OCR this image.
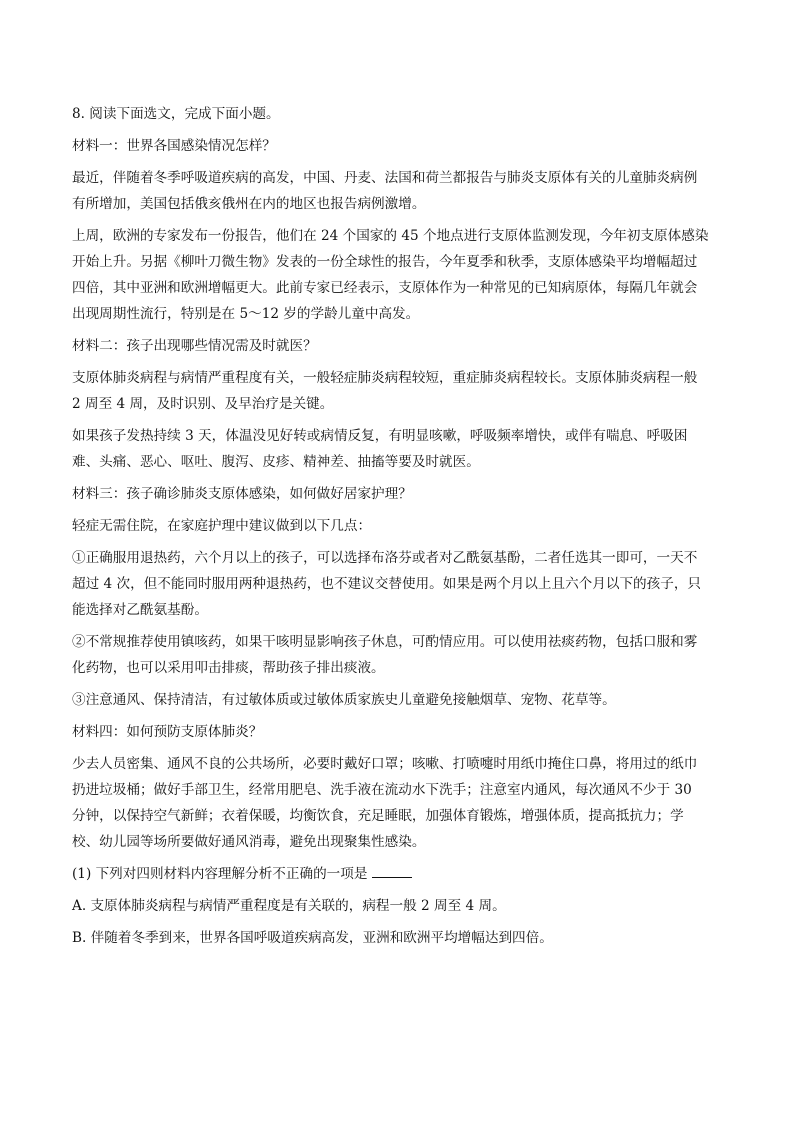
8. 阅读下面选文，完成下面小题。
材料一：世界各国感染情况怎样？
最近，伴随着冬季呼吸道疾病的高发，中国、丹麦、法国和荷兰都报告与肺炎支原体有关的儿童肺炎病例
有所增加，美国包括俄亥俄州在内的地区也报告病例激增。
上周，欧洲的专家发布一份报告，他们在 24 个国家的 45 个地点进行支原体监测发现，今年初支原体感染
开始上升。另据《柳叶刀微生物》发表的一份全球性的报告，今年夏季和秋季，支原体感染平均增幅超过
四倍，其中亚洲和欧洲增幅更大。此前专家已经表示，支原体作为一种常见的已知病原体，每隔几年就会
出现周期性流行，特别是在 5～12 岁的学龄儿童中高发。
材料二：孩子出现哪些情况需及时就医？
支原体肺炎病程与病情严重程度有关，一般轻症肺炎病程较短，重症肺炎病程较长。支原体肺炎病程一般
2 周至 4 周，及时识别、及早治疗是关键。
如果孩子发热持续 3 天，体温没见好转或病情反复，有明显咳嗽，呼吸频率增快，或伴有喘息、呼吸困
难、头痛、恶心、呕吐、腹泻、皮疹、精神差、抽搐等要及时就医。
材料三：孩子确诊肺炎支原体感染，如何做好居家护理？
轻症无需住院，在家庭护理中建议做到以下几点：
①正确服用退热药，六个月以上的孩子，可以选择布洛芬或者对乙酰氨基酚，二者任选其一即可，一天不
超过 4 次，但不能同时服用两种退热药，也不建议交替使用。如果是两个月以上且六个月以下的孩子，只
能选择对乙酰氨基酚。
②不常规推荐使用镇咳药，如果干咳明显影响孩子休息，可酌情应用。可以使用祛痰药物，包括口服和雾
化药物，也可以采用叩击排痰，帮助孩子排出痰液。
③注意通风、保持清洁，有过敏体质或过敏体质家族史儿童避免接触烟草、宠物、花草等。
材料四：如何预防支原体肺炎？
少去人员密集、通风不良的公共场所，必要时戴好口罩；咳嗽、打喷嚏时用纸巾掩住口鼻，将用过的纸巾
扔进垃圾桶；做好手部卫生，经常用肥皂、洗手液在流动水下洗手；注意室内通风，每次通风不少于 30
分钟，以保持空气新鲜；衣着保暖，均衡饮食，充足睡眠，加强体育锻炼，增强体质，提高抵抗力；学
校、幼儿园等场所要做好通风消毒，避免出现聚集性感染。
(1) 下列对四则材料内容理解分析不正确的一项是
A. 支原体肺炎病程与病情严重程度是有关联的，病程一般 2 周至 4 周。
B. 伴随着冬季到来，世界各国呼吸道疾病高发，亚洲和欧洲平均增幅达到四倍。
